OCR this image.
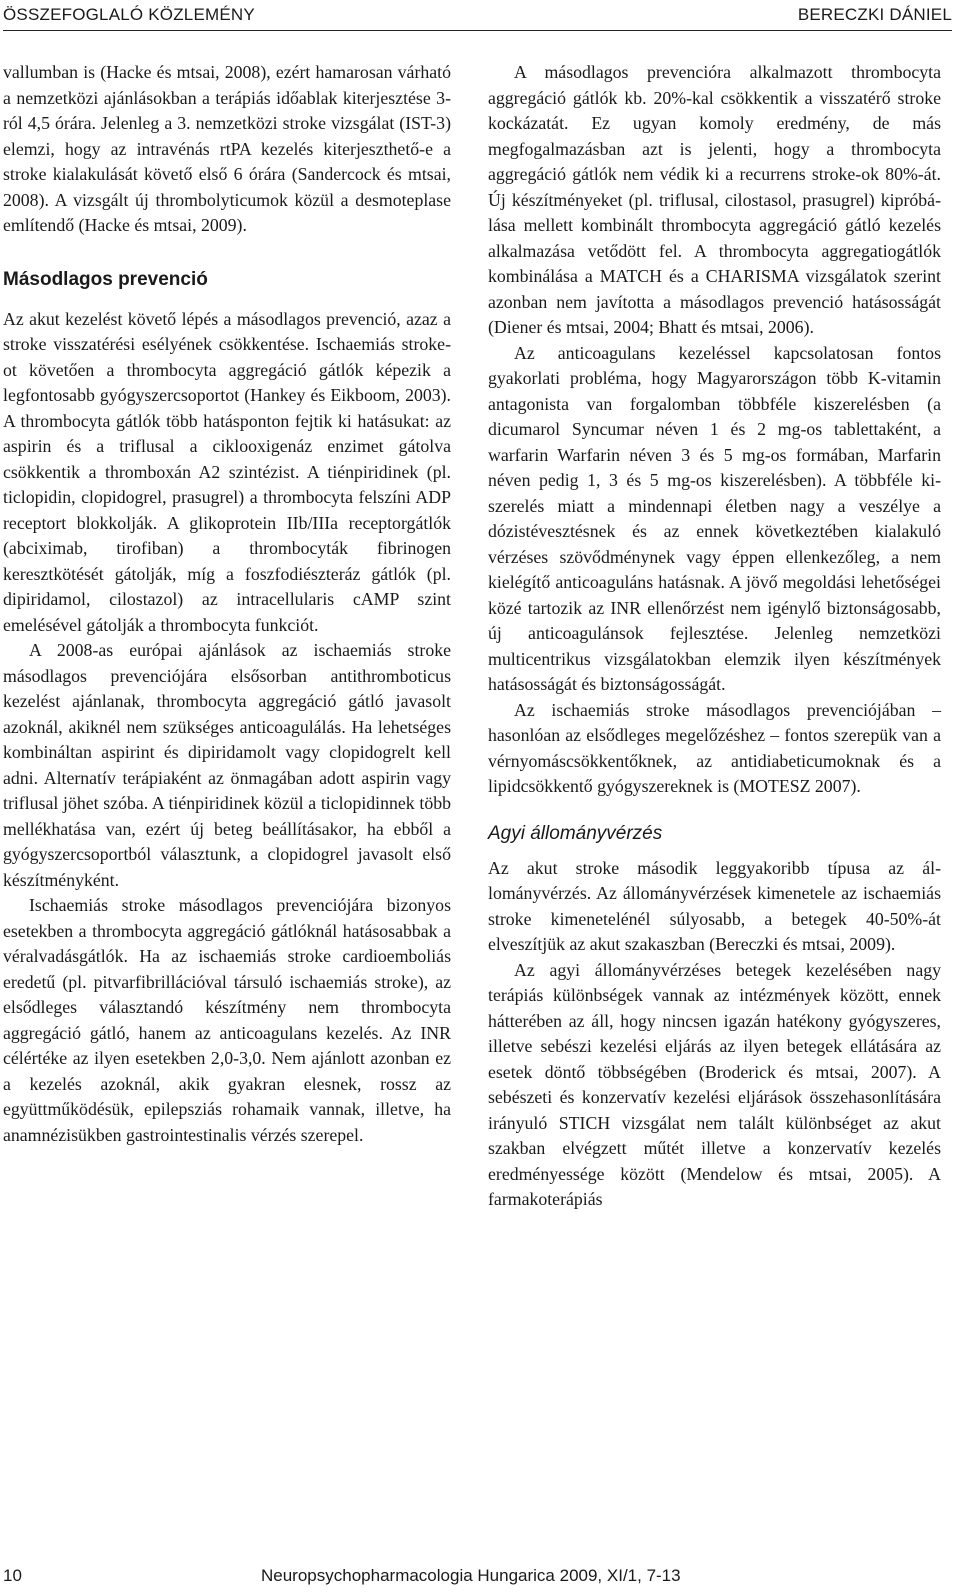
ÖSSZEFOGLALÓ KÖZLEMÉNY	BERECZKI DÁNIEL

vallumban is (Hacke és mtsai, 2008), ezért hamarosan várható a nemzetközi ajánlásokban a terápiás időablak kiterjesztése 3-ról 4,5 órára. Jelenleg a 3. nemzetközi stroke vizsgálat (IST-3) elemzi, hogy az intravénás rtPA kezelés kiterjeszthető-e a stroke kialakulását követő első 6 órára (Sandercock és mtsai, 2008). A vizsgált új thrombolyticumok közül a desmoteplase említendő (Hacke és mtsai, 2009).

Másodlagos prevenció

Az akut kezelést követő lépés a másodlagos prevenció, azaz a stroke visszatérési esélyének csökkentése. Ischaemiás stroke-ot követően a thrombocyta aggregáció gátlók képezik a legfontosabb gyógyszercsoportot (Hankey és Eikboom, 2003). A thrombocyta gátlók több hatásponton fejtik ki hatásukat: az aspirin és a triflusal a ciklooxigenáz enzimet gátolva csökkentik a thromboxán A2 szintézist. A tiénpiridinek (pl. ticlopidin, clopidogrel, prasugrel) a thrombocyta felszíni ADP receptort blokkolják. A glikoprotein IIb/IIIa receptorgátlók (abciximab, tirofiban) a thrombocyták fibrinogen keresztkötését gátolják, míg a foszfodiészteráz gátlók (pl. dipiridamol, cilostazol) az intracellularis cAMP szint emelésével gátolják a thrombocyta funkciót.

A 2008-as európai ajánlások az ischaemiás stroke másodlagos prevenciójára elsősorban antithromboticus kezelést ajánlanak, thrombocyta aggregáció gátló javasolt azoknál, akiknél nem szükséges anticoagulálás. Ha lehetséges kombináltan aspirint és dipiridamolt vagy clopidogrelt kell adni. Alternatív terápiaként az önmagában adott aspirin vagy triflusal jöhet szóba. A tiénpiridinek közül a ticlopidinnek több mellékhatása van, ezért új beteg beállításakor, ha ebből a gyógyszercsoportból választunk, a clopidogrel javasolt első készítményként.

Ischaemiás stroke másodlagos prevenciójára bizonyos esetekben a thrombocyta aggregáció gátlóknál hatásosabbak a véralvadásgátlók. Ha az ischaemiás stroke cardioemboliás eredetű (pl. pitvarfibrillációval társuló ischaemiás stroke), az elsődleges választandó készítmény nem thrombocyta aggregáció gátló, hanem az anticoagulans kezelés. Az INR célértéke az ilyen esetekben 2,0-3,0. Nem ajánlott azonban ez a kezelés azoknál, akik gyakran elesnek, rossz az együttműködésük, epilepsziás rohamaik vannak, illetve, ha anamnézisükben gastrointestinalis vérzés szerepel.

A másodlagos prevencióra alkalmazott thrombocyta aggregáció gátlók kb. 20%-kal csökkentik a visszatérő stroke kockázatát. Ez ugyan komoly eredmény, de más megfogalmazásban azt is jelenti, hogy a thrombocyta aggregáció gátlók nem védik ki a recurrens stroke-ok 80%-át. Új készítményeket (pl. triflusal, cilostasol, prasugrel) kipróbálása mellett kombinált thrombocyta aggregáció gátló kezelés alkalmazása vetődött fel. A thrombocyta aggregatiogátlók kombinálása a MATCH és a CHARISMA vizsgálatok szerint azonban nem javította a másodlagos prevenció hatásosságát (Diener és mtsai, 2004; Bhatt és mtsai, 2006).

Az anticoagulans kezeléssel kapcsolatosan fontos gyakorlati probléma, hogy Magyarországon több K-vitamin antagonista van forgalomban többféle kiszerelésben (a dicumarol Syncumar néven 1 és 2 mg-os tablettaként, a warfarin Warfarin néven 3 és 5 mg-os formában, Marfarin néven pedig 1, 3 és 5 mg-os kiszerelésben). A többféle kiszerelés miatt a mindennapi életben nagy a veszélye a dózistévesztésnek és az ennek következtében kialakuló vérzéses szövődménynek vagy éppen ellenkezőleg, a nem kielégítő anticoaguláns hatásnak. A jövő megoldási lehetőségei közé tartozik az INR ellenőrzést nem igénylő biztonságosabb, új anticoagulánsok fejlesztése. Jelenleg nemzetközi multicentrikus vizsgálatokban elemzik ilyen készítmények hatásosságát és biztonságosságát.

Az ischaemiás stroke másodlagos prevenciójában – hasonlóan az elsődleges megelőzéshez – fontos szerepük van a vérnyomáscsökkentőknek, az antidiabeticumoknak és a lipidcsökkentő gyógyszereknek is (MOTESZ 2007).

Agyi állományvérzés

Az akut stroke második leggyakoribb típusa az állományvérzés. Az állományvérzések kimenetele az ischaemiás stroke kimenetelénél súlyosabb, a betegek 40-50%-át elveszítjük az akut szakaszban (Bereczki és mtsai, 2009).

Az agyi állományvérzéses betegek kezelésében nagy terápiás különbségek vannak az intézmények között, ennek hátterében az áll, hogy nincsen igazán hatékony gyógyszeres, illetve sebészi kezelési eljárás az ilyen betegek ellátására az esetek döntő többségében (Broderick és mtsai, 2007). A sebészeti és konzervatív kezelési eljárások összehasonlítására irányuló STICH vizsgálat nem talált különbséget az akut szakban elvégzett műtét illetve a konzervatív kezelés eredményessége között (Mendelow és mtsai, 2005). A farmakoterápiás

10	Neuropsychopharmacologia Hungarica 2009, XI/1, 7-13
